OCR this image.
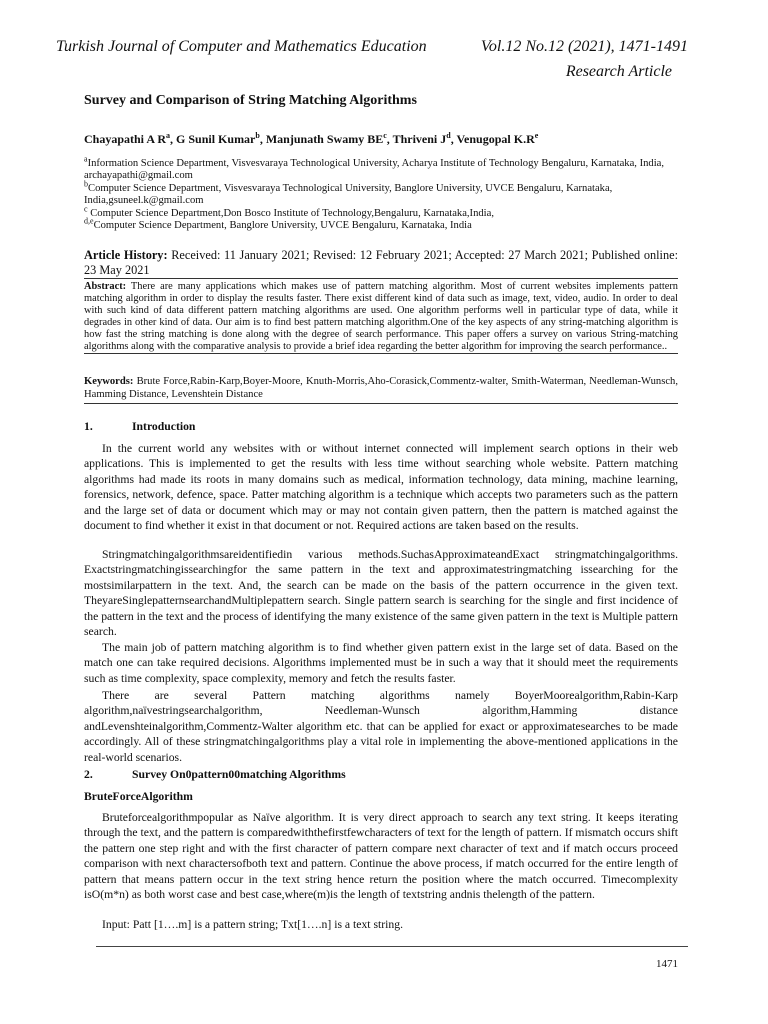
Turkish Journal of Computer and Mathematics Education	Vol.12 No.12 (2021), 1471-1491
Research Article
Survey and Comparison of String Matching Algorithms
Chayapathi A $R^a$, G Sunil Kumar$^b$, Manjunath Swamy $BE^c$, Thriveni $J^d$, Venugopal $K.R^e$

$^a$Information Science Department, Visvesvaraya Technological University, Acharya Institute of Technology Bengaluru, Karnataka, India, archayapathi@gmail.com

$^b$Computer Science Department, Visvesvaraya Technological University, Banglore University, UVCE Bengaluru, Karnataka, India,gsuneel.k@gmail.com

$^c$ Computer Science Department,Don Bosco Institute of Technology,Bengaluru, Karnataka,India,

$^{d,e}$Computer Science Department, Banglore University, UVCE Bengaluru, Karnataka, India

Article History: Received: 11 January 2021; Revised: 12 February 2021; Accepted: 27 March 2021; Published online: 23 May 2021
Abstract: There are many applications which makes use of pattern matching algorithm. Most of current websites implements pattern matching algorithm in order to display the results faster. There exist different kind of data such as image, text, video, audio. In order to deal with such kind of data different pattern matching algorithms are used. One algorithm performs well in particular type of data, while it degrades in other kind of data. Our aim is to find best pattern matching algorithm.One of the key aspects of any string-matching algorithm is how fast the string matching is done along with the degree of search performance. This paper offers a survey on various String-matching algorithms along with the comparative analysis to provide a brief idea regarding the better algorithm for improving the search performance..
Keywords: Brute Force,Rabin-Karp,Boyer-Moore, Knuth-Morris,Aho-Corasick,Commentz-walter, Smith-Waterman, Needleman-Wunsch, Hamming Distance, Levenshtein Distance
1.	Introduction

In the current world any websites with or without internet connected will implement search options in their web applications. This is implemented to get the results with less time without searching whole website. Pattern matching algorithms had made its roots in many domains such as medical, information technology, data mining, machine learning, forensics, network, defence, space. Patter matching algorithm is a technique which accepts two parameters such as the pattern and the large set of data or document which may or may not contain given pattern, then the pattern is matched against the document to find whether it exist in that document or not. Required actions are taken based on the results.

Stringmatchingalgorithmsareidentifiedin various methods.SuchasApproximateandExact stringmatchingalgorithms. Exactstringmatchingissearchingfor the same pattern in the text and approximatestringmatching issearching for the mostsimilarpattern in the text. And, the search can be made on the basis of the pattern occurrence in the given text. TheyareSinglepatternsearchandMultiplepattern search. Single pattern search is searching for the single and first incidence of the pattern in the text and the process of identifying the many existence of the same given pattern in the text is Multiple pattern search.

The main job of pattern matching algorithm is to find whether given pattern exist in the large set of data. Based on the match one can take required decisions. Algorithms implemented must be in such a way that it should meet the requirements such as time complexity, space complexity, memory and fetch the results faster.

There are several Pattern matching algorithms namely BoyerMoorealgorithm,Rabin-Karp algorithm,naïvestringsearchalgorithm, Needleman-Wunsch algorithm,Hamming distance andLevenshteinalgorithm,Commentz-Walter algorithm etc. that can be applied for exact or approximatesearches to be made accordingly. All of these stringmatchingalgorithms play a vital role in implementing the above-mentioned applications in the real-world scenarios.

2.	Survey On0pattern00matching Algorithms
BruteForceAlgorithm

Bruteforcealgorithmpopular as Naïve algorithm. It is very direct approach to search any text string. It keeps iterating through the text, and the pattern is comparedwiththefirstfewcharacters of text for the length of pattern. If mismatch occurs shift the pattern one step right and with the first character of pattern compare next character of text and if match occurs proceed comparison with next charactersofboth text and pattern. Continue the above process, if match occurred for the entire length of pattern that means pattern occur in the text string hence return the position where the match occurred. Timecomplexity isO(m*n) as both worst case and best case,where(m)is the length of textstring andnis thelength of the pattern.

Input: Patt [1….m] is a pattern string; Txt[1….n] is a text string.
1471
